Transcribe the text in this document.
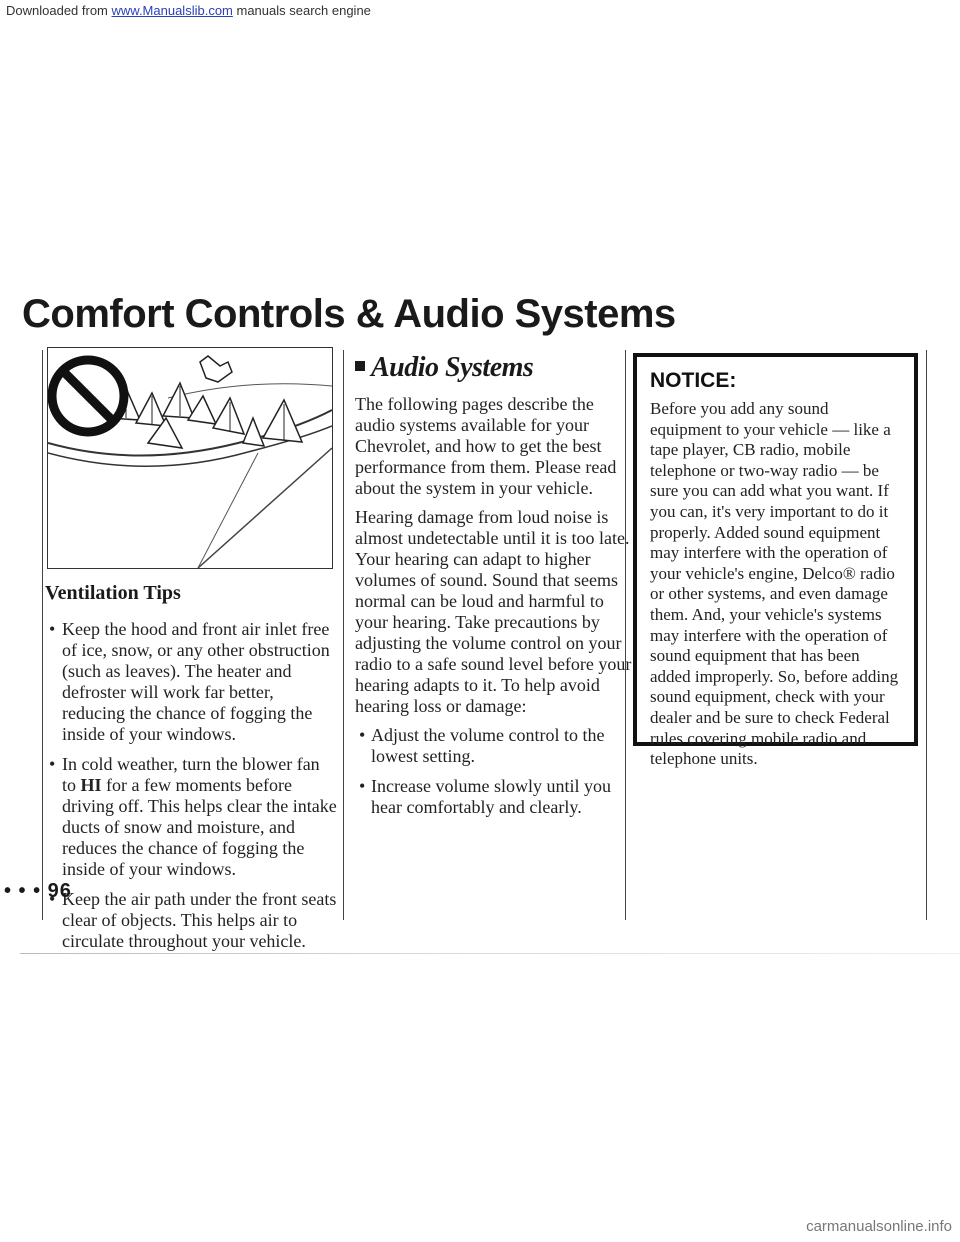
Downloaded from www.Manualslib.com manuals search engine
Comfort Controls & Audio Systems
Ventilation Tips
• Keep the hood and front air inlet free of ice, snow, or any other obstruction (such as leaves). The heater and defroster will work far better, reducing the chance of fogging the inside of your windows.
• In cold weather, turn the blower fan to HI for a few moments before driving off. This helps clear the intake ducts of snow and moisture, and reduces the chance of fogging the inside of your windows.
• Keep the air path under the front seats clear of objects. This helps air to circulate throughout your vehicle.
Audio Systems

The following pages describe the audio systems available for your Chevrolet, and how to get the best performance from them. Please read about the system in your vehicle.

Hearing damage from loud noise is almost undetectable until it is too late. Your hearing can adapt to higher volumes of sound. Sound that seems normal can be loud and harmful to your hearing. Take precautions by adjusting the volume control on your radio to a safe sound level before your hearing adapts to it. To help avoid hearing loss or damage:

• Adjust the volume control to the lowest setting.
• Increase volume slowly until you hear comfortably and clearly.
NOTICE:

Before you add any sound equipment to your vehicle — like a tape player, CB radio, mobile telephone or two-way radio — be sure you can add what you want. If you can, it's very important to do it properly. Added sound equipment may interfere with the operation of your vehicle's engine, Delco® radio or other systems, and even damage them. And, your vehicle's systems may interfere with the operation of sound equipment that has been added improperly. So, before adding sound equipment, check with your dealer and be sure to check Federal rules covering mobile radio and telephone units.

• • • 96
carmanualsonline.info
